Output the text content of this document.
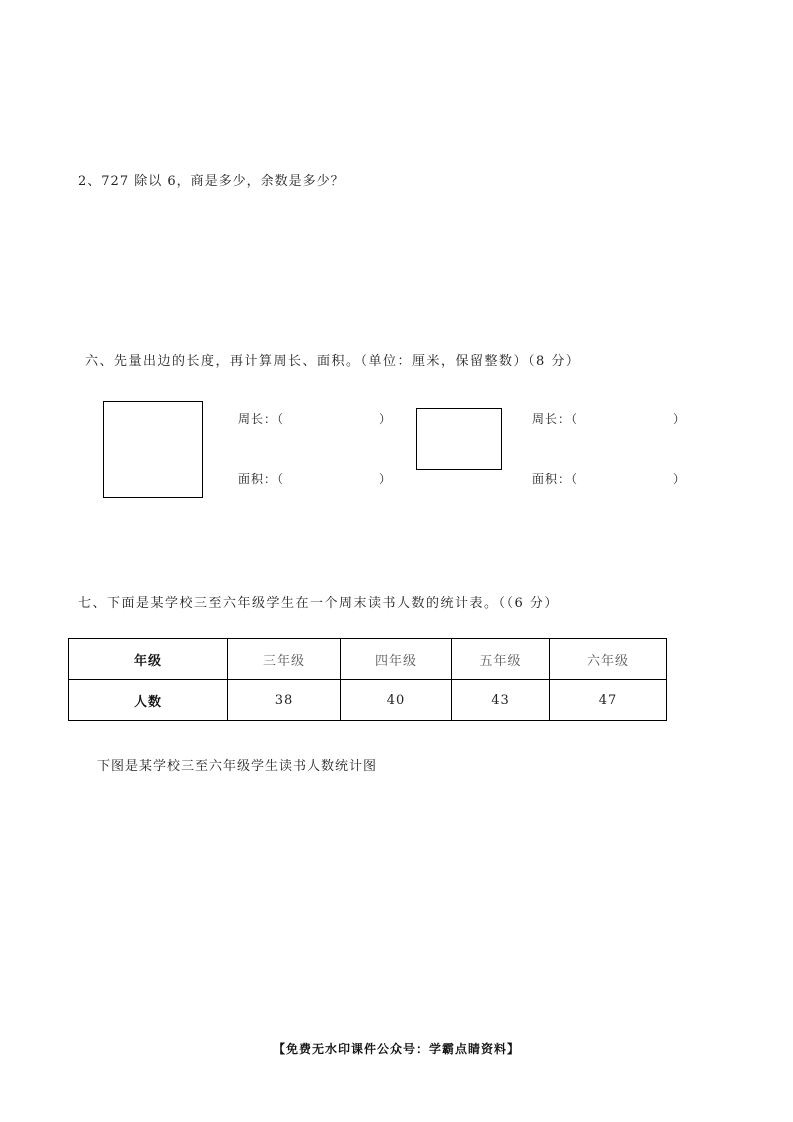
2、727 除以 6，商是多少，余数是多少？
六、先量出边的长度，再计算周长、面积。（单位：厘米，保留整数）（8 分）
周长：（	）
面积：（	）
周长：（	）
面积：（	）
七、下面是某学校三至六年级学生在一个周末读书人数的统计表。（（6 分）
年级	三年级	四年级	五年级	六年级
人数	38	40	43	47
下图是某学校三至六年级学生读书人数统计图
【免费无水印课件公众号：学霸点睛资料】
